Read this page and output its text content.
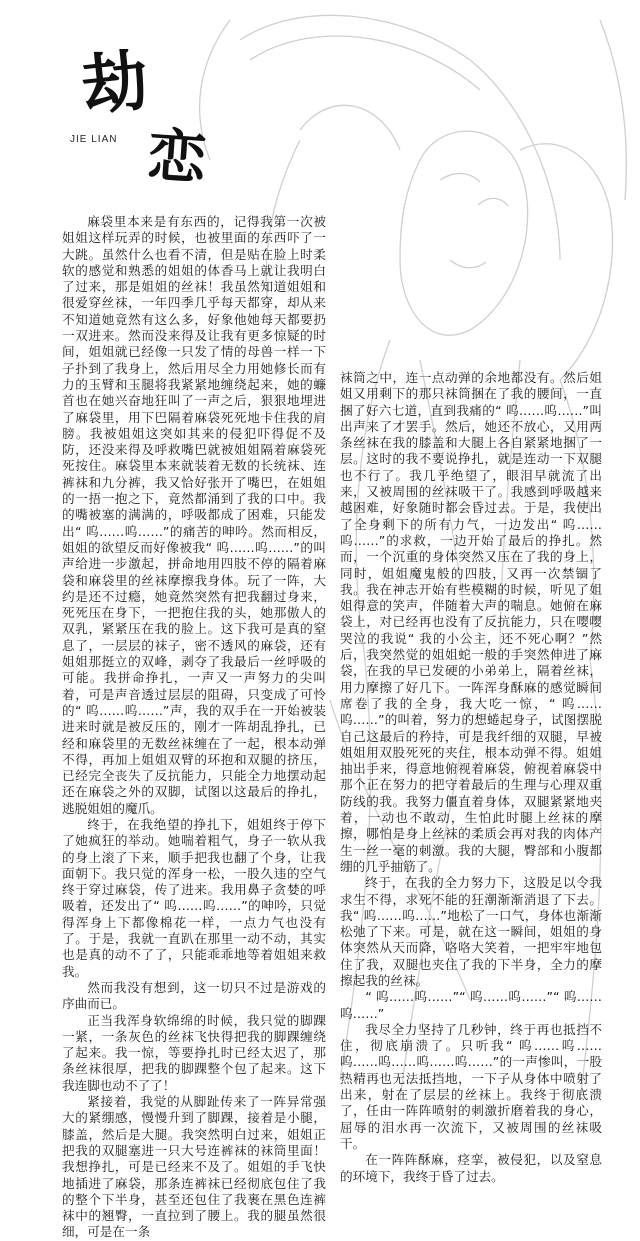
劫
JIE LIAN 恋

麻袋里本来是有东西的，记得我第一次被姐姐这样玩弄的时候，也被里面的东西吓了一大跳。虽然什么也看不清，但是贴在脸上时柔软的感觉和熟悉的姐姐的体香马上就让我明白了过来，那是姐姐的丝袜！我虽然知道姐姐和很爱穿丝袜，一年四季几乎每天都穿，却从来不知道她竟然有这么多，好象他她每天都要扔一双进来。然而没来得及让我有更多惊疑的时间，姐姐就已经像一只发了情的母兽一样一下子扑到了我身上，然后用尽全力用她修长而有力的玉臂和玉腿将我紧紧地缠绕起来，她的蠊首也在她兴奋地狂叫了一声之后，狠狠地埋进了麻袋里，用下巴隔着麻袋死死地卡住我的肩膀。我被姐姐这突如其来的侵犯吓得促不及防，还没来得及呼救嘴巴就被姐姐隔着麻袋死死按住。麻袋里本来就装着无数的长统袜、连裤袜和九分裤，我又恰好张开了嘴巴，在姐姐的一捂一抱之下，竟然都涌到了我的口中。我的嘴被塞的满满的，呼吸都成了困难，只能发出“ 呜……呜……”的痛苦的呻吟。然而相反，姐姐的欲望反而好像被我“ 呜……呜……”的叫声给进一步激起，拼命地用四肢不停的隔着麻袋和麻袋里的丝袜摩擦我身体。玩了一阵，大约是还不过瘾，她竟然突然有把我翻过身来，死死压在身下，一把抱住我的头，她那傲人的双乳，紧紧压在我的脸上。这下我可是真的窒息了，一层层的袜子，密不透风的麻袋，还有姐姐那挺立的双峰，剥夺了我最后一丝呼吸的可能。我拼命挣扎，一声又一声努力的尖叫着，可是声音透过层层的阻碍，只变成了可怜的“ 呜……呜……”声，我的双手在一开始被装进来时就是被反压的，刚才一阵胡乱挣扎，已经和麻袋里的无数丝袜缠在了一起，根本动弹不得，再加上姐姐双臂的环抱和双腿的挤压，已经完全丧失了反抗能力，只能全力地摆动起还在麻袋之外的双脚，试图以这最后的挣扎，逃脱姐姐的魔爪。

终于，在我绝望的挣扎下，姐姐终于停下了她疯狂的举动。她喘着粗气，身子一软从我的身上滚了下来，顺手把我也翻了个身，让我面朝下。我只觉的浑身一松，一股久违的空气终于穿过麻袋，传了进来。我用鼻子贪婪的呼吸着，还发出了“ 呜……呜……”的呻吟，只觉得浑身上下都像棉花一样，一点力气也没有了。于是，我就一直趴在那里一动不动，其实也是真的动不了了，只能乖乖地等着姐姐来救我。

然而我没有想到，这一切只不过是游戏的序曲而已。

正当我浑身软绵绵的时候，我只觉的脚踝一紧，一条灰色的丝袜飞快得把我的脚踝缠绕了起来。我一惊，等要挣扎时已经太迟了，那条丝袜很厚，把我的脚踝整个包了起来。这下我连脚也动不了了！

紧接着，我觉的从脚趾传来了一阵异常强大的紧绷感，慢慢升到了脚踝，接着是小腿，膝盖，然后是大腿。我突然明白过来，姐姐正把我的双腿塞进一只大号连裤袜的袜筒里面！我想挣扎，可是已经来不及了。姐姐的手飞快地插进了麻袋，那条连裤袜已经彻底包住了我的整个下半身，甚至还包住了我裹在黑色连裤袜中的翘臀，一直拉到了腰上。我的腿虽然很细，可是在一条

袜筒之中，连一点动弹的余地都没有。然后姐姐又用剩下的那只袜筒捆在了我的腰间，一直捆了好六七道，直到我痛的“ 呜……呜……”叫出声来了才罢手。然后，她还不放心，又用两条丝袜在我的膝盖和大腿上各自紧紧地捆了一层。这时的我不要说挣扎，就是连动一下双腿也不行了。我几乎绝望了，眼泪早就流了出来，又被周围的丝袜吸干了。我感到呼吸越来越困难，好象随时都会昏过去。于是，我使出了全身剩下的所有力气，一边发出“ 呜……呜……”的求救，一边开始了最后的挣扎。然而，一个沉重的身体突然又压在了我的身上，同时，姐姐魔鬼般的四肢，又再一次禁锢了我。我在神志开始有些模糊的时候，听见了姐姐得意的笑声，伴随着大声的喘息。她俯在麻袋上，对已经再也没有了反抗能力，只在嘤嘤哭泣的我说“ 我的小公主，还不死心啊？”然后，我突然觉的姐姐蛇一般的手突然伸进了麻袋，在我的早已发硬的小弟弟上，隔着丝袜，用力摩擦了好几下。一阵浑身酥麻的感觉瞬间席卷了我的全身，我大吃一惊，“ 呜……呜……”的叫着，努力的想蜷起身子，试图摆脱自己这最后的矜持，可是我纤细的双腿，早被姐姐用双股死死的夹住，根本动弹不得。姐姐抽出手来，得意地俯视着麻袋，俯视着麻袋中那个正在努力的把守着最后的生理与心理双重防线的我。我努力僵直着身体，双腿紧紧地夹着，一动也不敢动，生怕此时腿上丝袜的摩擦，哪怕是身上丝袜的柔质会再对我的肉体产生一丝一毫的刺激。我的大腿，臀部和小腹都绷的几乎抽筋了。

终于，在我的全力努力下，这股足以令我求生不得，求死不能的狂潮渐渐消退了下去。我“ 呜……呜……”地松了一口气，身体也渐渐松弛了下来。可是，就在这一瞬间，姐姐的身体突然从天而降，咯咯大笑着，一把牢牢地包住了我，双腿也夹住了我的下半身，全力的摩擦起我的丝袜。

“ 呜……呜……”“ 呜……呜……”“ 呜……呜……”

我尽全力坚持了几秒钟，终于再也抵挡不住，彻底崩溃了。只听我“ 呜……呜……呜……呜……呜……呜……”的一声惨叫，一股热精再也无法抵挡地，一下子从身体中喷射了出来，射在了层层的丝袜上。我终于彻底溃了，任由一阵阵喷射的刺激折磨着我的身心，屈辱的泪水再一次流下，又被周围的丝袜吸干。

在一阵阵酥麻，痉挛，被侵犯，以及窒息的环境下，我终于昏了过去。
